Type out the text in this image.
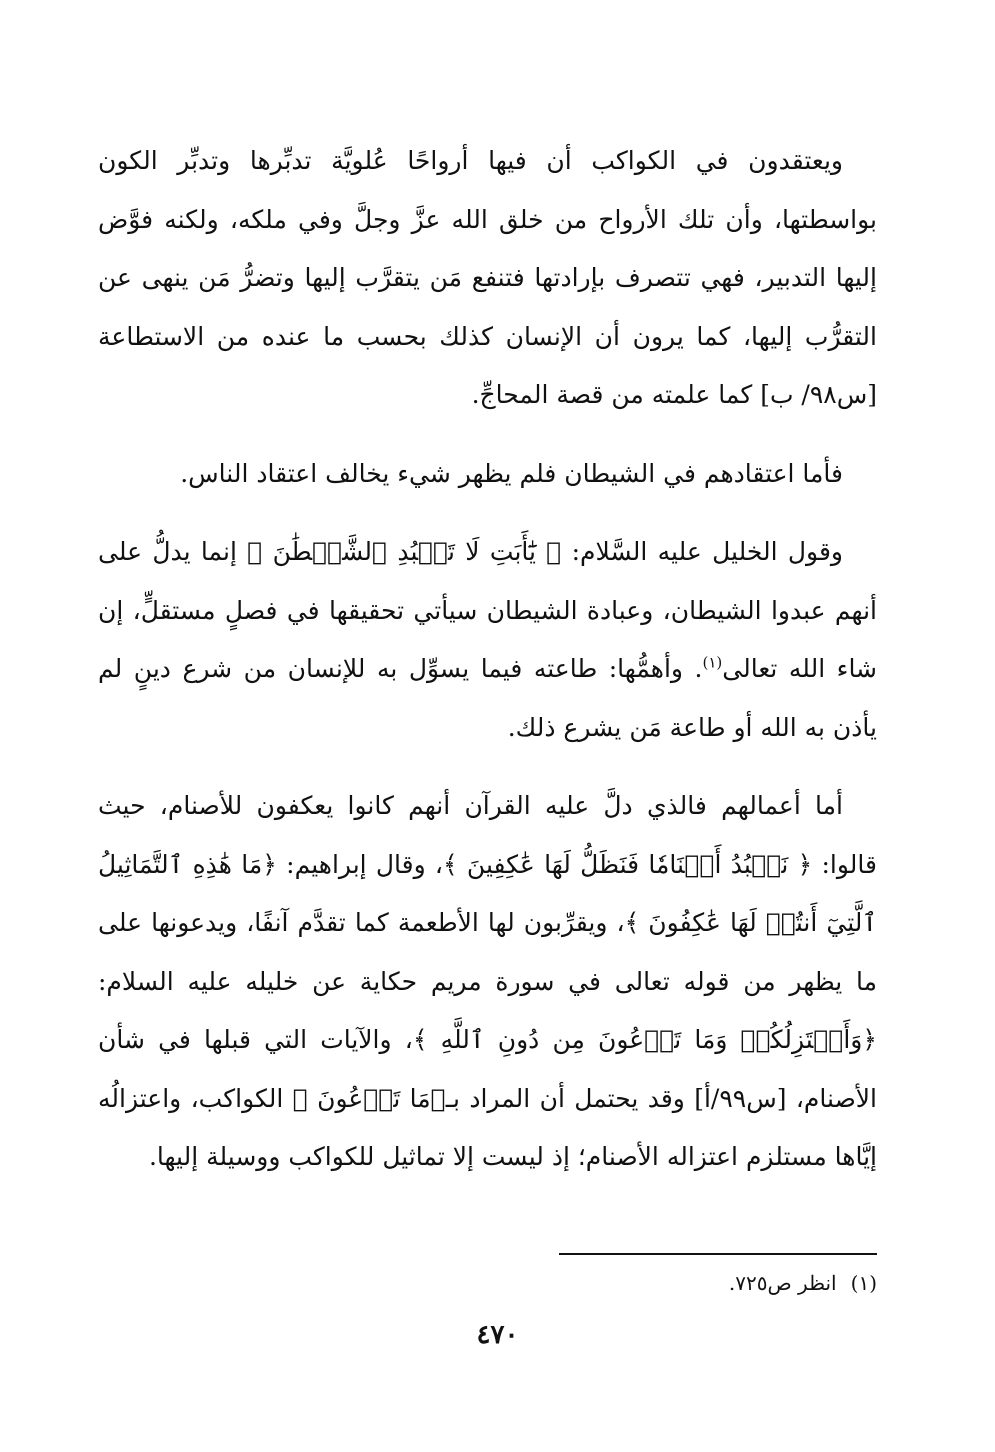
ويعتقدون في الكواكب أن فيها أرواحًا عُلويَّة تدبِّرها وتدبِّر الكون بواسطتها، وأن تلك الأرواح من خلق الله عزَّ وجلَّ وفي ملكه، ولكنه فوَّض إليها التدبير، فهي تتصرف بإرادتها فتنفع مَن يتقرَّب إليها وتضرُّ مَن ينهى عن التقرُّب إليها، كما يرون أن الإنسان كذلك بحسب ما عنده من الاستطاعة [س٩٨/ ب] كما علمته من قصة المحاجِّ.

فأما اعتقادهم في الشيطان فلم يظهر شيء يخالف اعتقاد الناس.

وقول الخليل عليه السَّلام: ﴿ يَٰٓأَبَتِ لَا تَعۡبُدِ ٱلشَّيۡطَٰنَ ﴾ إنما يدلُّ على أنهم عبدوا الشيطان، وعبادة الشيطان سيأتي تحقيقها في فصلٍ مستقلٍّ، إن شاء الله تعالى$^{(١)}$. وأهمُّها: طاعته فيما يسوِّل به للإنسان من شرع دينٍ لم يأذن به الله أو طاعة مَن يشرع ذلك.

أما أعمالهم فالذي دلَّ عليه القرآن أنهم كانوا يعكفون للأصنام، حيث قالوا: ﴿ نَعۡبُدُ أَصۡنَامٗا فَنَظَلُّ لَهَا عَٰكِفِينَ ﴾، وقال إبراهيم: ﴿مَا هَٰذِهِ ٱلتَّمَاثِيلُ ٱلَّتِيٓ أَنتُمۡ لَهَا عَٰكِفُونَ ﴾، ويقرِّبون لها الأطعمة كما تقدَّم آنفًا، ويدعونها على ما يظهر من قوله تعالى في سورة مريم حكاية عن خليله عليه السلام: ﴿وَأَعۡتَزِلُكُمۡ وَمَا تَدۡعُونَ مِن دُونِ ٱللَّهِ ﴾، والآيات التي قبلها في شأن الأصنام، [س٩٩/أ] وقد يحتمل أن المراد بـ﴿مَا تَدۡعُونَ ﴾ الكواكب، واعتزالُه إيَّاها مستلزم اعتزاله الأصنام؛ إذ ليست إلا تماثيل للكواكب ووسيلة إليها.

(١)انظر ص٧٢٥.
٤٧٠
